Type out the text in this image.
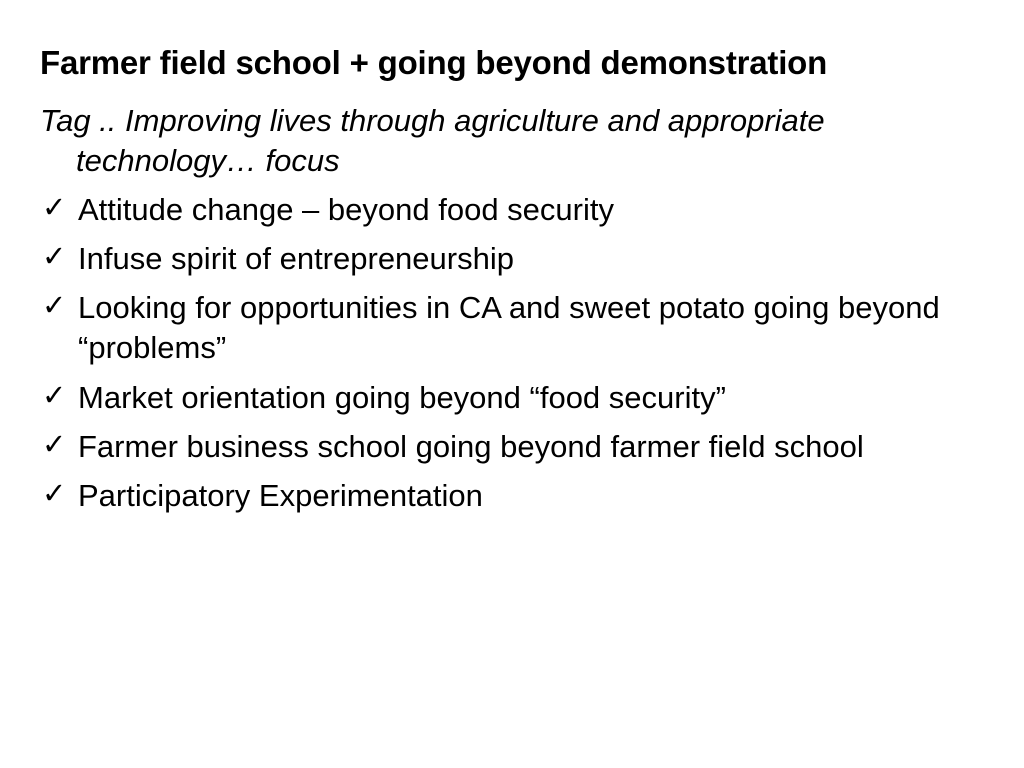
Farmer field school + going beyond demonstration
Tag .. Improving lives through agriculture and appropriate technology… focus
✓ Attitude change – beyond food security
✓ Infuse spirit of entrepreneurship
✓ Looking for opportunities in CA and sweet potato going beyond “problems”
✓ Market orientation going beyond “food security”
✓ Farmer business school going beyond farmer field school
✓ Participatory Experimentation
